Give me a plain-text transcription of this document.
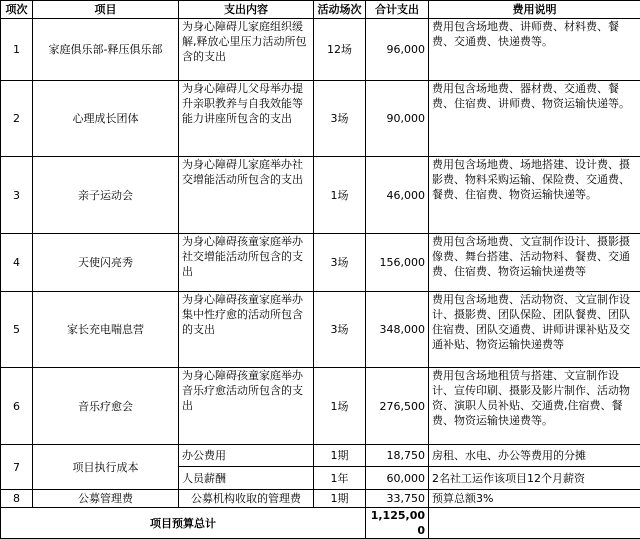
项次	项目	支出内容	活动场次	合计支出	费用说明
1	家庭俱乐部-释压俱乐部	为身心障碍儿家庭组织缓解,释放心里压力活动所包含的支出	12场	96,000	费用包含场地费、讲师费、材料费、餐费、交通费、快递费等。
2	心理成长团体	为身心障碍儿父母举办提升亲职教养与自我效能等能力讲座所包含的支出	3场	90,000	费用包含场地费、器材费、交通费、餐费、住宿费、讲师费、物资运输快递等。
3	亲子运动会	为身心障碍儿家庭举办社交增能活动所包含的支出	1场	46,000	费用包含场地费、场地搭建、设计费、摄影费、物料采购运输、保险费、交通费、餐费、住宿费、物资运输快递等。
4	天使闪亮秀	为身心障碍孩童家庭举办社交增能活动所包含的支出	3场	156,000	费用包含场地费、文宣制作设计、摄影摄像费、舞台搭建、活动物料、餐费、交通费、住宿费、物资运输快递费等
5	家长充电喘息营	为身心障碍孩童家庭举办集中性疗愈的活动所包含的支出	3场	348,000	费用包含场地费、活动物资、文宣制作设计、摄影费、团队保险、团队餐费、团队住宿费、团队交通费、讲师讲课补贴及交通补贴、物资运输快递费等
6	音乐疗愈会	为身心障碍孩童家庭举办音乐疗愈活动所包含的支出	1场	276,500	费用包含场地租赁与搭建、文宣制作设计、宣传印刷、摄影及影片制作、活动物资、演职人员补贴、交通费,住宿费、餐费、物资运输快递费等。
7	项目执行成本	办公费用	1期	18,750	房租、水电、办公等费用的分摊
		人员薪酬	1年	60,000	2名社工运作该项目12个月薪资
8	公募管理费	公募机构收取的管理费	1期	33,750	预算总额3%
项目预算总计				1,125,000	
